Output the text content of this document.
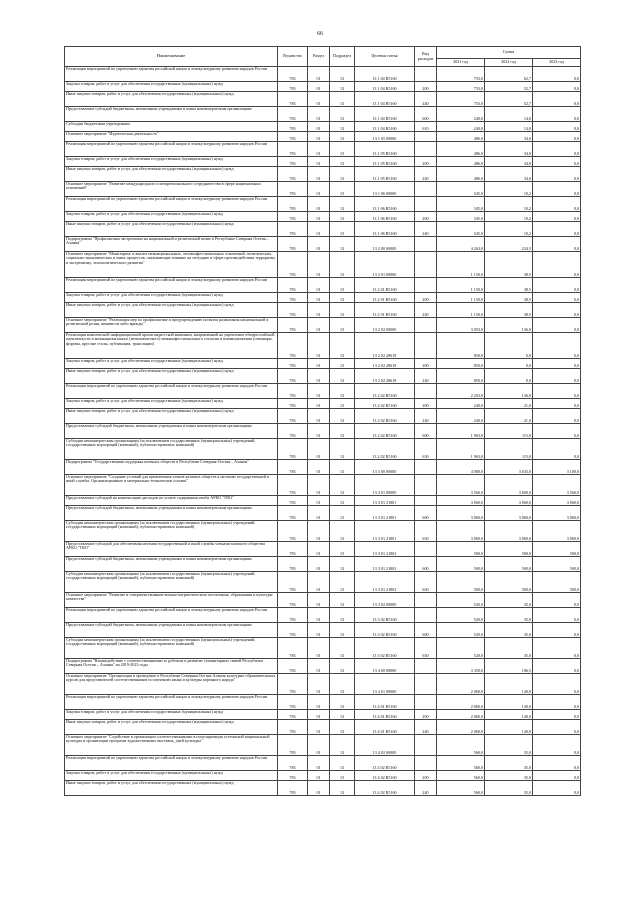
66
Наименование	Ведомство	Раздел	Подраздел	Целевая статья	Вид расходов	Сумма		
						2021 год	2022 год	2023 год
Реализация мероприятий по укреплению единства российской нации и этнокультурному развитию народов России	783	01	13	13 1 04 R5160		753,0	62,7	0,0
Закупка товаров, работ и услуг для обеспечения государственных (муниципальных) нужд	783	01	13	13 1 04 R5160	200	753,0	52,7	0,0
Иные закупки товаров, работ и услуг для обеспечения государственных (муниципальных) нужд	783	01	13	13 1 04 R5160	240	753,0	52,7	0,0
Предоставление субсидий бюджетным, автономным учреждениям и иным некоммерческим организациям	783	01	13	13 1 04 R5160	600	240,0	14,0	0,0
Субсидии бюджетным учреждениям	783	01	13	13 1 04 R5160	610	240,0	14,0	0,0
Основное мероприятие "Издательская деятельность"	783	01	13	13 1 05 00000		486,0	34,0	0,0
Реализация мероприятий по укреплению единства российской нации и этнокультурному развитию народов России	783	01	13	13 1 05 R5160		486,0	34,0	0,0
Закупка товаров, работ и услуг для обеспечения государственных (муниципальных) нужд	783	01	13	13 1 05 R5160	200	486,0	34,0	0,0
Иные закупки товаров, работ и услуг для обеспечения государственных (муниципальных) нужд	783	01	13	13 1 05 R5160	240	486,0	34,0	0,0
Основное мероприятие "Развитие международного и межрегионального сотрудничества в сфере национальных отношений"	783	01	13	13 1 06 00000		345,0	10,2	0,0
Реализация мероприятий по укреплению единства российской нации и этнокультурному развитию народов России	783	01	13	13 1 06 R5160		345,0	10,2	0,0
Закупка товаров, работ и услуг для обеспечения государственных (муниципальных) нужд	783	01	13	13 1 06 R5160	200	345,0	10,2	0,0
Иные закупки товаров, работ и услуг для обеспечения государственных (муниципальных) нужд	783	01	13	13 1 06 R5160	240	345,0	10,2	0,0
Подпрограмма "Профилактика экстремизма на национальной и религиозной почве в Республике Северная Осетия – Алания"	783	01	13	13 2 00 00000		4 263,0	234,5	0,0
Основное мероприятие "Мониторинг и анализ межнациональных, этноконфессиональных отношений, политических, социально-экономических и иных процессов, оказывающих влияние на ситуацию в сфере противодействия терроризму и экстремизму, этнополитического развития"	783	01	13	13 2 01 00000		1 150,0	38,5	0,0
Реализация мероприятий по укреплению единства российской нации и этнокультурному развитию народов России	783	01	13	13 2 01 R5160		1 150,0	38,5	0,0
Закупка товаров, работ и услуг для обеспечения государственных (муниципальных) нужд	783	01	13	13 2 01 R5160	200	1 150,0	38,5	0,0
Иные закупки товаров, работ и услуг для обеспечения государственных (муниципальных) нужд	783	01	13	13 2 01 R5160	240	1 150,0	38,5	0,0
Основное мероприятие "Реализация мер по профилактике и предупреждению попыток разжигания национальной и религиозной розни, ненависти либо вражды"	783	01	13	13 2 02 00000		3 053,0	136,0	0,0
Реализация комплексной информационной пропагандистской кампании, направленной на укрепление общероссийской идентичности и межнационального (межэтнического) межконфессионального согласия и взаимоуважения (семинары, форумы, круглые столы, публикации, трансляции)	783	01	13	13 2 02 28618		850,0	0,0	0,0
Закупка товаров, работ и услуг для обеспечения государственных (муниципальных) нужд	783	01	13	13 2 02 28618	200	850,0	0,0	0,0
Иные закупки товаров, работ и услуг для обеспечения государственных (муниципальных) нужд	783	01	13	13 2 02 28618	240	850,0	0,0	0,0
Реализация мероприятий по укреплению единства российской нации и этнокультурному развитию народов России	783	01	13	13 2 02 R5160		2 203,0	136,0	0,0
Закупка товаров, работ и услуг для обеспечения государственных (муниципальных) нужд	783	01	13	13 2 02 R5160	200	240,0	21,0	0,0
Иные закупки товаров, работ и услуг для обеспечения государственных (муниципальных) нужд	783	01	13	13 2 02 R5160	240	240,0	21,0	0,0
Предоставление субсидий бюджетным, автономным учреждениям и иным некоммерческим организациям	783	01	13	13 2 02 R5160	600	1 963,0	115,0	0,0
Субсидии некоммерческим организациям (за исключением государственных (муниципальных) учреждений, государственных корпораций (компаний), публично-правовых компаний)	783	01	13	13 2 02 R5160	630	1 963,0	115,0	0,0
Подпрограмма "Государственная поддержка казачьих обществ в Республике Северная Осетия – Алания"	783	01	13	13 3 00 00000		4 080,0	3 635,0	3 100,0
Основное мероприятие "Создание условий для привлечения членов казачьих обществ к несению государственной и иной службы. Организационные и материально-технические основы"	783	01	13	13 3 01 00000		3 560,0	3 600,0	3 560,0
Предоставление субсидий на компенсацию расходов по уплате содержания штаба АРКО "ТВО"	783	01	13	13 3 01 21801		3 060,0	3 060,0	3 060,0
Предоставление субсидий бюджетным, автономным учреждениям и иным некоммерческим организациям	783	01	13	13 3 01 21801	600	3 060,0	3 060,0	3 060,0
Субсидии некоммерческим организациям (за исключением государственных (муниципальных) учреждений, государственных корпораций (компаний), публично-правовых компаний)	783	01	13	13 3 01 21801	630	3 060,0	3 060,0	3 060,0
Предоставление субсидий для обеспечения несения государственной и иной службы членами казачьего общества АРКО "ТВО"	783	01	13	13 3 01 21802		500,0	500,0	500,0
Предоставление субсидий бюджетным, автономным учреждениям и иным некоммерческим организациям	783	01	13	13 3 01 21802	600	500,0	500,0	500,0
Субсидии некоммерческим организациям (за исключением государственных (муниципальных) учреждений, государственных корпораций (компаний), публично-правовых компаний)	783	01	13	13 3 01 21802	630	500,0	500,0	500,0
Основное мероприятие "Развитие и совершенствование военно-патриотического воспитания, образования и культуры казачества"	783	01	13	13 3 02 00000		520,0	35,0	0,0
Реализация мероприятий по укреплению единства российской нации и этнокультурному развитию народов России	783	01	13	13 3 02 R5160		520,0	35,0	0,0
Предоставление субсидий бюджетным, автономным учреждениям и иным некоммерческим организациям	783	01	13	13 3 02 R5160	600	520,0	35,0	0,0
Субсидии некоммерческим организациям (за исключением государственных (муниципальных) учреждений, государственных корпораций (компаний), публично-правовых компаний)	783	01	13	13 3 02 R5160	630	520,0	35,0	0,0
Подпрограмма "Взаимодействие с соотечественниками за рубежом и развитие гуманитарных связей Республики Северная Осетия – Алания" на 2019-2023 годы	783	01	13	13 4 00 00000		3 350,0	186,5	0,0
Основное мероприятие "Организация и проведение в Республике Северная Осетия-Алания культурно-образовательных курсов для представителей соотечественников по изучению языка и культуры коренного народа"	783	01	13	13 4 01 00000		2 060,0	140,0	0,0
Реализация мероприятий по укреплению единства российской нации и этнокультурному развитию народов России	783	01	13	13 4 01 R5160		2 060,0	140,0	0,0
Закупка товаров, работ и услуг для обеспечения государственных (муниципальных) нужд	783	01	13	13 4 01 R5160	200	2 060,0	140,0	0,0
Иные закупки товаров, работ и услуг для обеспечения государственных (муниципальных) нужд	783	01	13	13 4 01 R5160	240	2 060,0	140,0	0,0
Основное мероприятие "Содействие в организации соотечественниками в популяризации осетинской национальной культуры и организации программ художественных выставок, дней культуры"	783	01	13	13 4 02 00000		560,0	35,0	0,0
Реализация мероприятий по укреплению единства российской нации и этнокультурному развитию народов России	783	01	13	13 4 02 R5160		560,0	35,0	0,0
Закупка товаров, работ и услуг для обеспечения государственных (муниципальных) нужд	783	01	13	13 4 02 R5160	200	560,0	35,0	0,0
Иные закупки товаров, работ и услуг для обеспечения государственных (муниципальных) нужд	783	01	13	13 4 02 R5160	240	560,0	35,0	0,0
